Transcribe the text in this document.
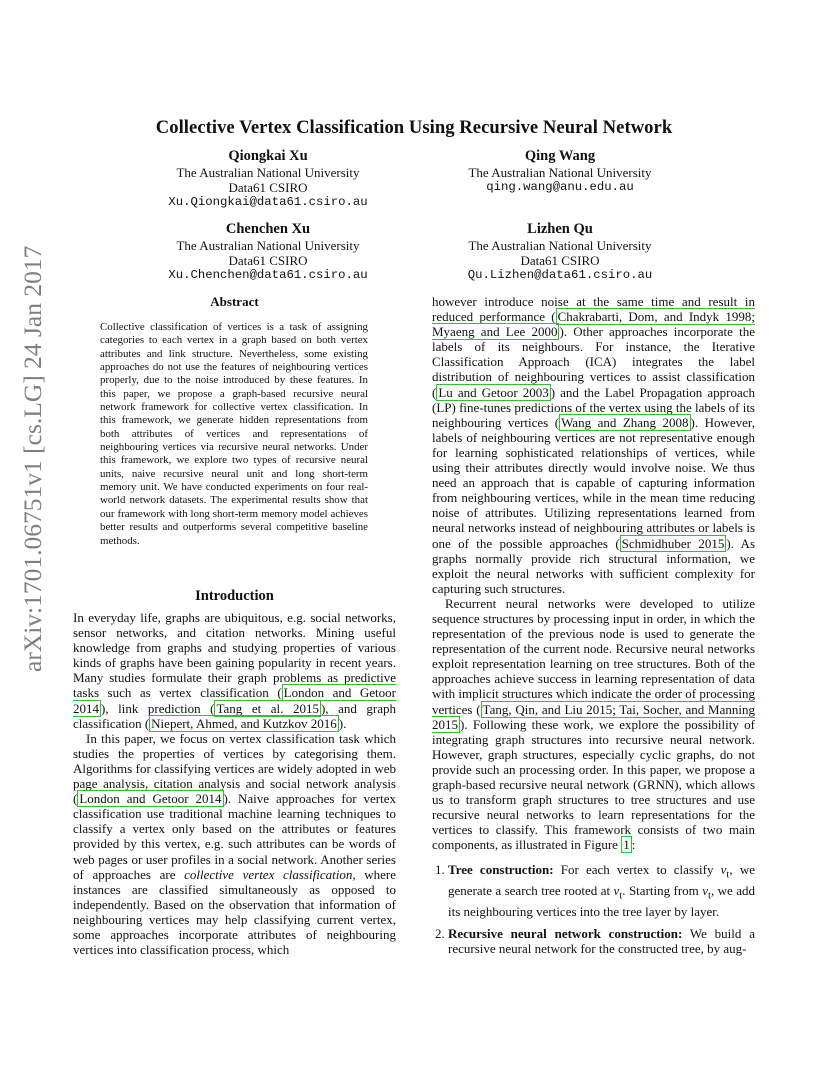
arXiv:1701.06751v1 [cs.LG] 24 Jan 2017
Collective Vertex Classification Using Recursive Neural Network
Qiongkai Xu
The Australian National University
Data61 CSIRO
Xu.Qiongkai@data61.csiro.au
Qing Wang
The Australian National University
qing.wang@anu.edu.au
Chenchen Xu
The Australian National University
Data61 CSIRO
Xu.Chenchen@data61.csiro.au
Lizhen Qu
The Australian National University
Data61 CSIRO
Qu.Lizhen@data61.csiro.au
Abstract
Collective classification of vertices is a task of assigning categories to each vertex in a graph based on both vertex attributes and link structure. Nevertheless, some existing approaches do not use the features of neighbouring vertices properly, due to the noise introduced by these features. In this paper, we propose a graph-based recursive neural network framework for collective vertex classification. In this framework, we generate hidden representations from both attributes of vertices and representations of neighbouring vertices via recursive neural networks. Under this framework, we explore two types of recursive neural units, naive recursive neural unit and long short-term memory unit. We have conducted experiments on four real-world network datasets. The experimental results show that our framework with long short-term memory model achieves better results and outperforms several competitive baseline methods.
Introduction

In everyday life, graphs are ubiquitous, e.g. social networks, sensor networks, and citation networks. Mining useful knowledge from graphs and studying properties of various kinds of graphs have been gaining popularity in recent years. Many studies formulate their graph problems as predictive tasks such as vertex classification ( London and Getoor 2014 ), link prediction ( Tang et al. 2015 ), and graph classification ( Niepert, Ahmed, and Kutzkov 2016 ).

In this paper, we focus on vertex classification task which studies the properties of vertices by categorising them. Algorithms for classifying vertices are widely adopted in web page analysis, citation analysis and social network analysis ( London and Getoor 2014 ). Naive approaches for vertex classification use traditional machine learning techniques to classify a vertex only based on the attributes or features provided by this vertex, e.g. such attributes can be words of web pages or user profiles in a social network. Another series of approaches are collective vertex classification, where instances are classified simultaneously as opposed to independently. Based on the observation that information of neighbouring vertices may help classifying current vertex, some approaches incorporate attributes of neighbouring vertices into classification process, which

however introduce noise at the same time and result in reduced performance ( Chakrabarti, Dom, and Indyk 1998; Myaeng and Lee 2000 ). Other approaches incorporate the labels of its neighbours. For instance, the Iterative Classification Approach (ICA) integrates the label distribution of neighbouring vertices to assist classification ( Lu and Getoor 2003 ) and the Label Propagation approach (LP) fine-tunes predictions of the vertex using the labels of its neighbouring vertices ( Wang and Zhang 2008 ). However, labels of neighbouring vertices are not representative enough for learning sophisticated relationships of vertices, while using their attributes directly would involve noise. We thus need an approach that is capable of capturing information from neighbouring vertices, while in the mean time reducing noise of attributes. Utilizing representations learned from neural networks instead of neighbouring attributes or labels is one of the possible approaches ( Schmidhuber 2015 ). As graphs normally provide rich structural information, we exploit the neural networks with sufficient complexity for capturing such structures.

Recurrent neural networks were developed to utilize sequence structures by processing input in order, in which the representation of the previous node is used to generate the representation of the current node. Recursive neural networks exploit representation learning on tree structures. Both of the approaches achieve success in learning representation of data with implicit structures which indicate the order of processing vertices ( Tang, Qin, and Liu 2015; Tai, Socher, and Manning 2015 ). Following these work, we explore the possibility of integrating graph structures into recursive neural network. However, graph structures, especially cyclic graphs, do not provide such an processing order. In this paper, we propose a graph-based recursive neural network (GRNN), which allows us to transform graph structures to tree structures and use recursive neural networks to learn representations for the vertices to classify. This framework consists of two main components, as illustrated in Figure 1 :

1. Tree construction: For each vertex to classify $v_t$, we generate a search tree rooted at $v_t$. Starting from $v_t$, we add its neighbouring vertices into the tree layer by layer.
2. Recursive neural network construction: We build a recursive neural network for the constructed tree, by aug-
